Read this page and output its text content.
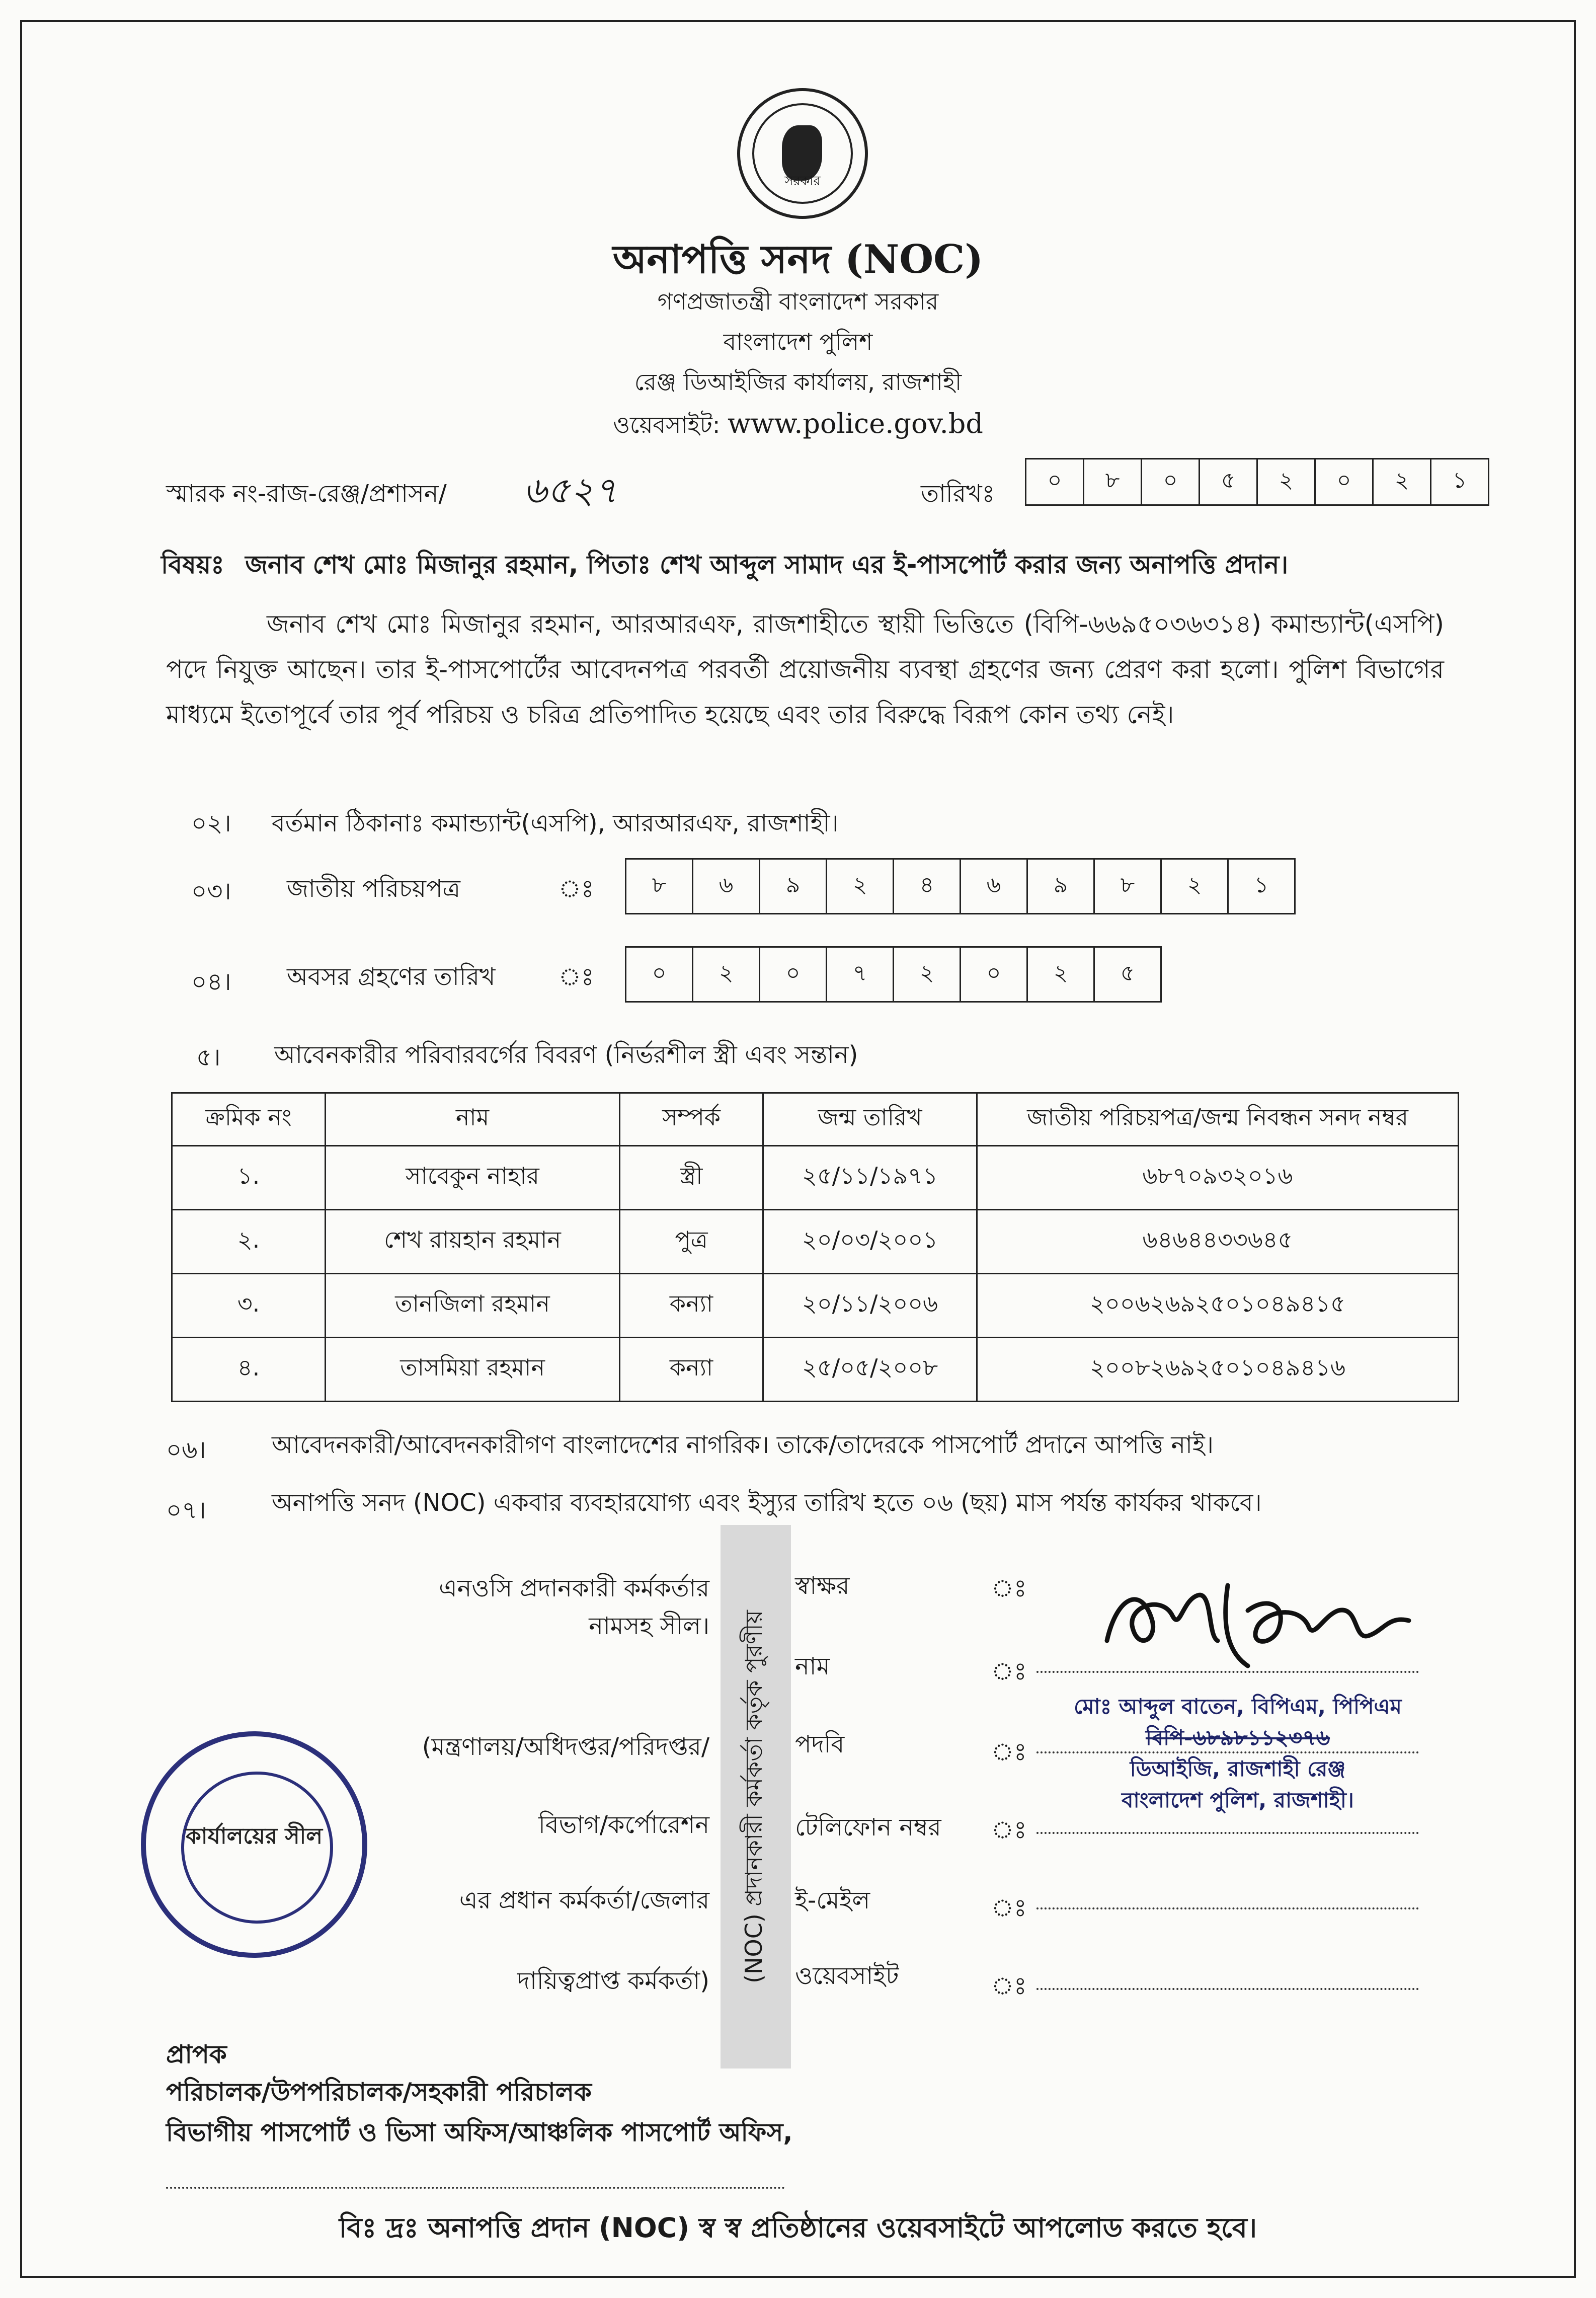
সরকার
অনাপত্তি সনদ (NOC)
গণপ্রজাতন্ত্রী বাংলাদেশ সরকার
বাংলাদেশ পুলিশ
রেঞ্জ ডিআইজির কার্যালয়, রাজশাহী
ওয়েবসাইট: www.police.gov.bd
স্মারক নং-রাজ-রেঞ্জ/প্রশাসন/ ৬৫২৭	তারিখঃ	০	৮	০	৫	২	০	২	১
বিষয়ঃ জনাব শেখ মোঃ মিজানুর রহমান, পিতাঃ শেখ আব্দুল সামাদ এর ই-পাসপোর্ট করার জন্য অনাপত্তি প্রদান।
জনাব শেখ মোঃ মিজানুর রহমান, আরআরএফ, রাজশাহীতে স্থায়ী ভিত্তিতে (বিপি-৬৬৯৫০৩৬৩১৪) কমান্ড্যান্ট(এসপি) পদে নিযুক্ত আছেন। তার ই-পাসপোর্টের আবেদনপত্র পরবর্তী প্রয়োজনীয় ব্যবস্থা গ্রহণের জন্য প্রেরণ করা হলো। পুলিশ বিভাগের মাধ্যমে ইতোপূর্বে তার পূর্ব পরিচয় ও চরিত্র প্রতিপাদিত হয়েছে এবং তার বিরুদ্ধে বিরূপ কোন তথ্য নেই।
০২। বর্তমান ঠিকানাঃ কমান্ড্যান্ট(এসপি), আরআরএফ, রাজশাহী।
০৩। জাতীয় পরিচয়পত্র	ঃ	৮	৬	৯	২	৪	৬	৯	৮	২	১
০৪। অবসর গ্রহণের তারিখ	ঃ	০	২	০	৭	২	০	২	৫
৫। আবেনকারীর পরিবারবর্গের বিবরণ (নির্ভরশীল স্ত্রী এবং সন্তান)
ক্রমিক নং	নাম	সম্পর্ক	জন্ম তারিখ	জাতীয় পরিচয়পত্র/জন্ম নিবন্ধন সনদ নম্বর
১.	সাবেকুন নাহার	স্ত্রী	২৫/১১/১৯৭১	৬৮৭০৯৩২০১৬
২.	শেখ রায়হান রহমান	পুত্র	২০/০৩/২০০১	৬৪৬৪৪৩৩৬৪৫
৩.	তানজিলা রহমান	কন্যা	২০/১১/২০০৬	২০০৬২৬৯২৫০১০৪৯৪১৫
৪.	তাসমিয়া রহমান	কন্যা	২৫/০৫/২০০৮	২০০৮২৬৯২৫০১০৪৯৪১৬
০৬।	আবেদনকারী/আবেদনকারীগণ বাংলাদেশের নাগরিক। তাকে/তাদেরকে পাসপোর্ট প্রদানে আপত্তি নাই।
০৭।	অনাপত্তি সনদ (NOC) একবার ব্যবহারযোগ্য এবং ইস্যুর তারিখ হতে ০৬ (ছয়) মাস পর্যন্ত কার্যকর থাকবে।
এনওসি প্রদানকারী কর্মকর্তার
নামসহ সীল।
(মন্ত্রণালয়/অধিদপ্তর/পরিদপ্তর/
বিভাগ/কর্পোরেশন
এর প্রধান কর্মকর্তা/জেলার
দায়িত্বপ্রাপ্ত কর্মকর্তা) (NOC) প্রদানকারী কর্মকর্তা কর্তৃক পুরণীয়
স্বাক্ষর	ঃ
নাম	ঃ
পদবি	ঃ
টেলিফোন নম্বর ঃ
ই-মেইল	ঃ
ওয়েবসাইট	ঃ
মোঃ আব্দুল বাতেন, বিপিএম, পিপিএম
বিপি-৬৮৯৮১১২৩৭৬
ডিআইজি, রাজশাহী রেঞ্জ
বাংলাদেশ পুলিশ, রাজশাহী।
কার্যালয়ের সীল
প্রাপক
পরিচালক/উপপরিচালক/সহকারী পরিচালক
বিভাগীয় পাসপোর্ট ও ভিসা অফিস/আঞ্চলিক পাসপোর্ট অফিস,
বিঃ দ্রঃ অনাপত্তি প্রদান (NOC) স্ব স্ব প্রতিষ্ঠানের ওয়েবসাইটে আপলোড করতে হবে।
